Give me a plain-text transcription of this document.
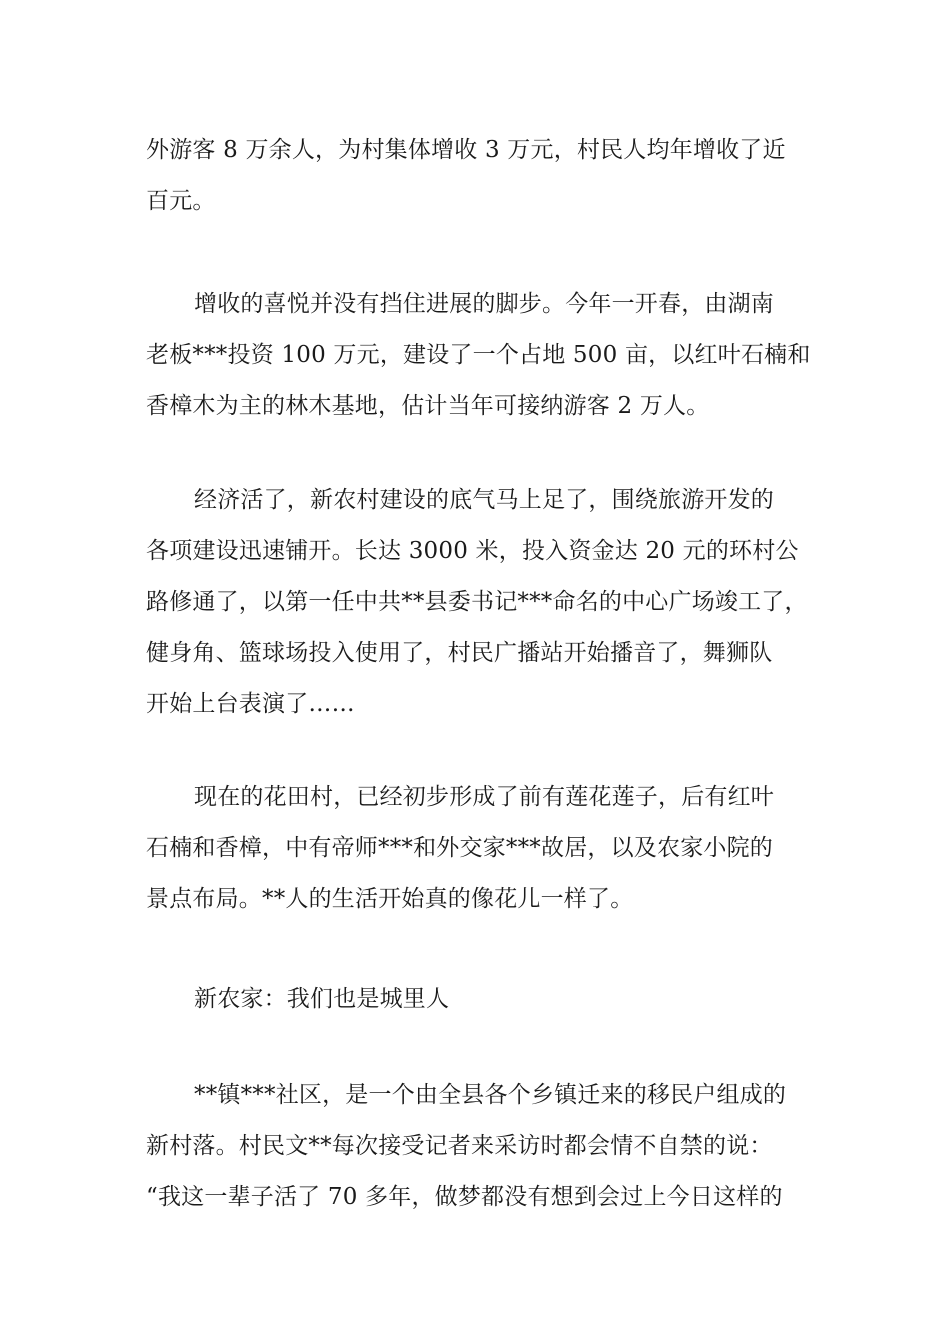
外游客 8 万余人，为村集体增收 3 万元，村民人均年增收了近
百元。
增收的喜悦并没有挡住进展的脚步。今年一开春，由湖南
老板***投资 100 万元，建设了一个占地 500 亩，以红叶石楠和
香樟木为主的林木基地，估计当年可接纳游客 2 万人。
经济活了，新农村建设的底气马上足了，围绕旅游开发的
各项建设迅速铺开。长达 3000 米，投入资金达 20 元的环村公
路修通了，以第一任中共**县委书记***命名的中心广场竣工了，
健身角、篮球场投入使用了，村民广播站开始播音了，舞狮队
开始上台表演了……
现在的花田村，已经初步形成了前有莲花莲子，后有红叶
石楠和香樟，中有帝师***和外交家***故居，以及农家小院的
景点布局。**人的生活开始真的像花儿一样了。
新农家：我们也是城里人
**镇***社区，是一个由全县各个乡镇迁来的移民户组成的
新村落。村民文**每次接受记者来采访时都会情不自禁的说：
“我这一辈子活了 70 多年，做梦都没有想到会过上今日这样的
